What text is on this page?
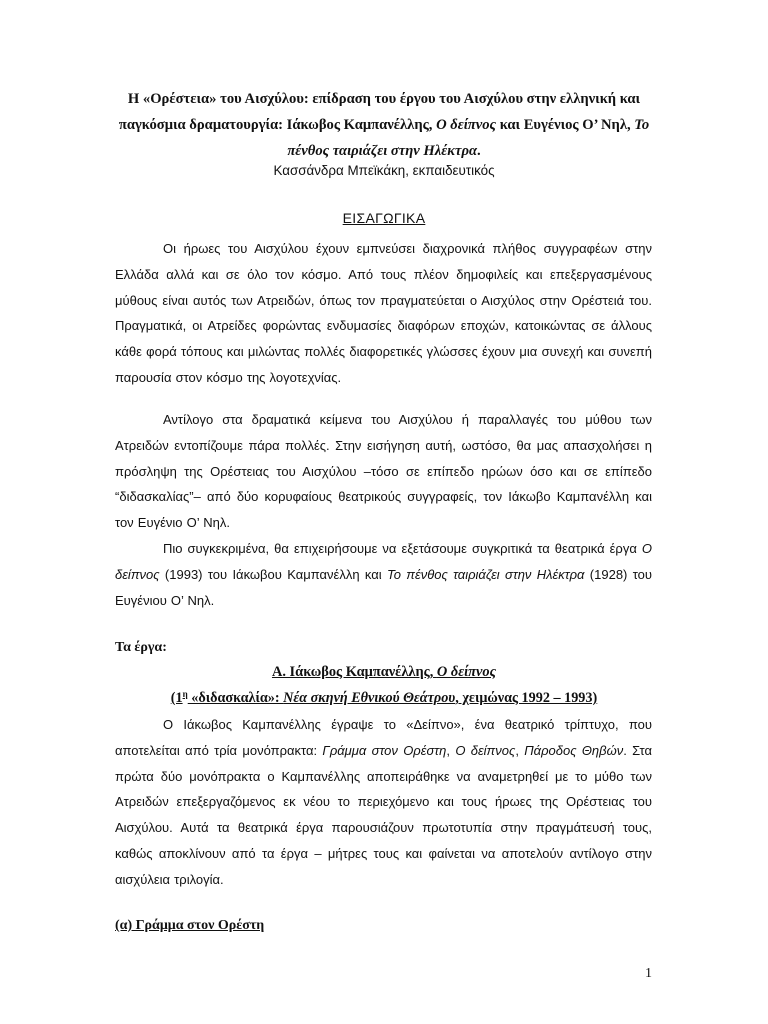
Η «Ορέστεια» του Αισχύλου: επίδραση του έργου του Αισχύλου στην ελληνική και παγκόσμια δραματουργία: Ιάκωβος Καμπανέλλης, Ο δείπνος και Ευγένιος Ο’ Νηλ, Το πένθος ταιριάζει στην Ηλέκτρα.
Κασσάνδρα Μπεϊκάκη, εκπαιδευτικός
ΕΙΣΑΓΩΓΙΚΑ

Οι ήρωες του Αισχύλου έχουν εμπνεύσει διαχρονικά πλήθος συγγραφέων στην Ελλάδα αλλά και σε όλο τον κόσμο. Από τους πλέον δημοφιλείς και επεξεργασμένους μύθους είναι αυτός των Ατρειδών, όπως τον πραγματεύεται ο Αισχύλος στην Ορέστειά του. Πραγματικά, οι Ατρείδες φορώντας ενδυμασίες διαφόρων εποχών, κατοικώντας σε άλλους κάθε φορά τόπους και μιλώντας πολλές διαφορετικές γλώσσες έχουν μια συνεχή και συνεπή παρουσία στον κόσμο της λογοτεχνίας.

Αντίλογο στα δραματικά κείμενα του Αισχύλου ή παραλλαγές του μύθου των Ατρειδών εντοπίζουμε πάρα πολλές. Στην εισήγηση αυτή, ωστόσο, θα μας απασχολήσει η πρόσληψη της Ορέστειας του Αισχύλου –τόσο σε επίπεδο ηρώων όσο και σε επίπεδο “διδασκαλίας”– από δύο κορυφαίους θεατρικούς συγγραφείς, τον Ιάκωβο Καμπανέλλη και τον Ευγένιο Ο’ Νηλ.

Πιο συγκεκριμένα, θα επιχειρήσουμε να εξετάσουμε συγκριτικά τα θεατρικά έργα Ο δείπνος (1993) του Ιάκωβου Καμπανέλλη και Το πένθος ταιριάζει στην Ηλέκτρα (1928) του Ευγένιου Ο’ Νηλ.

Τα έργα:
Α. Ιάκωβος Καμπανέλλης, Ο δείπνος
($1^\eta$ «διδασκαλία»: Νέα σκηνή Εθνικού Θεάτρου, χειμώνας 1992 – 1993)

Ο Ιάκωβος Καμπανέλλης έγραψε το «Δείπνο», ένα θεατρικό τρίπτυχο, που αποτελείται από τρία μονόπρακτα: Γράμμα στον Ορέστη, Ο δείπνος, Πάροδος Θηβών. Στα πρώτα δύο μονόπρακτα ο Καμπανέλλης αποπειράθηκε να αναμετρηθεί με το μύθο των Ατρειδών επεξεργαζόμενος εκ νέου το περιεχόμενο και τους ήρωες της Ορέστειας του Αισχύλου. Αυτά τα θεατρικά έργα παρουσιάζουν πρωτοτυπία στην πραγμάτευσή τους, καθώς αποκλίνουν από τα έργα – μήτρες τους και φαίνεται να αποτελούν αντίλογο στην αισχύλεια τριλογία.

(α) Γράμμα στον Ορέστη
1
